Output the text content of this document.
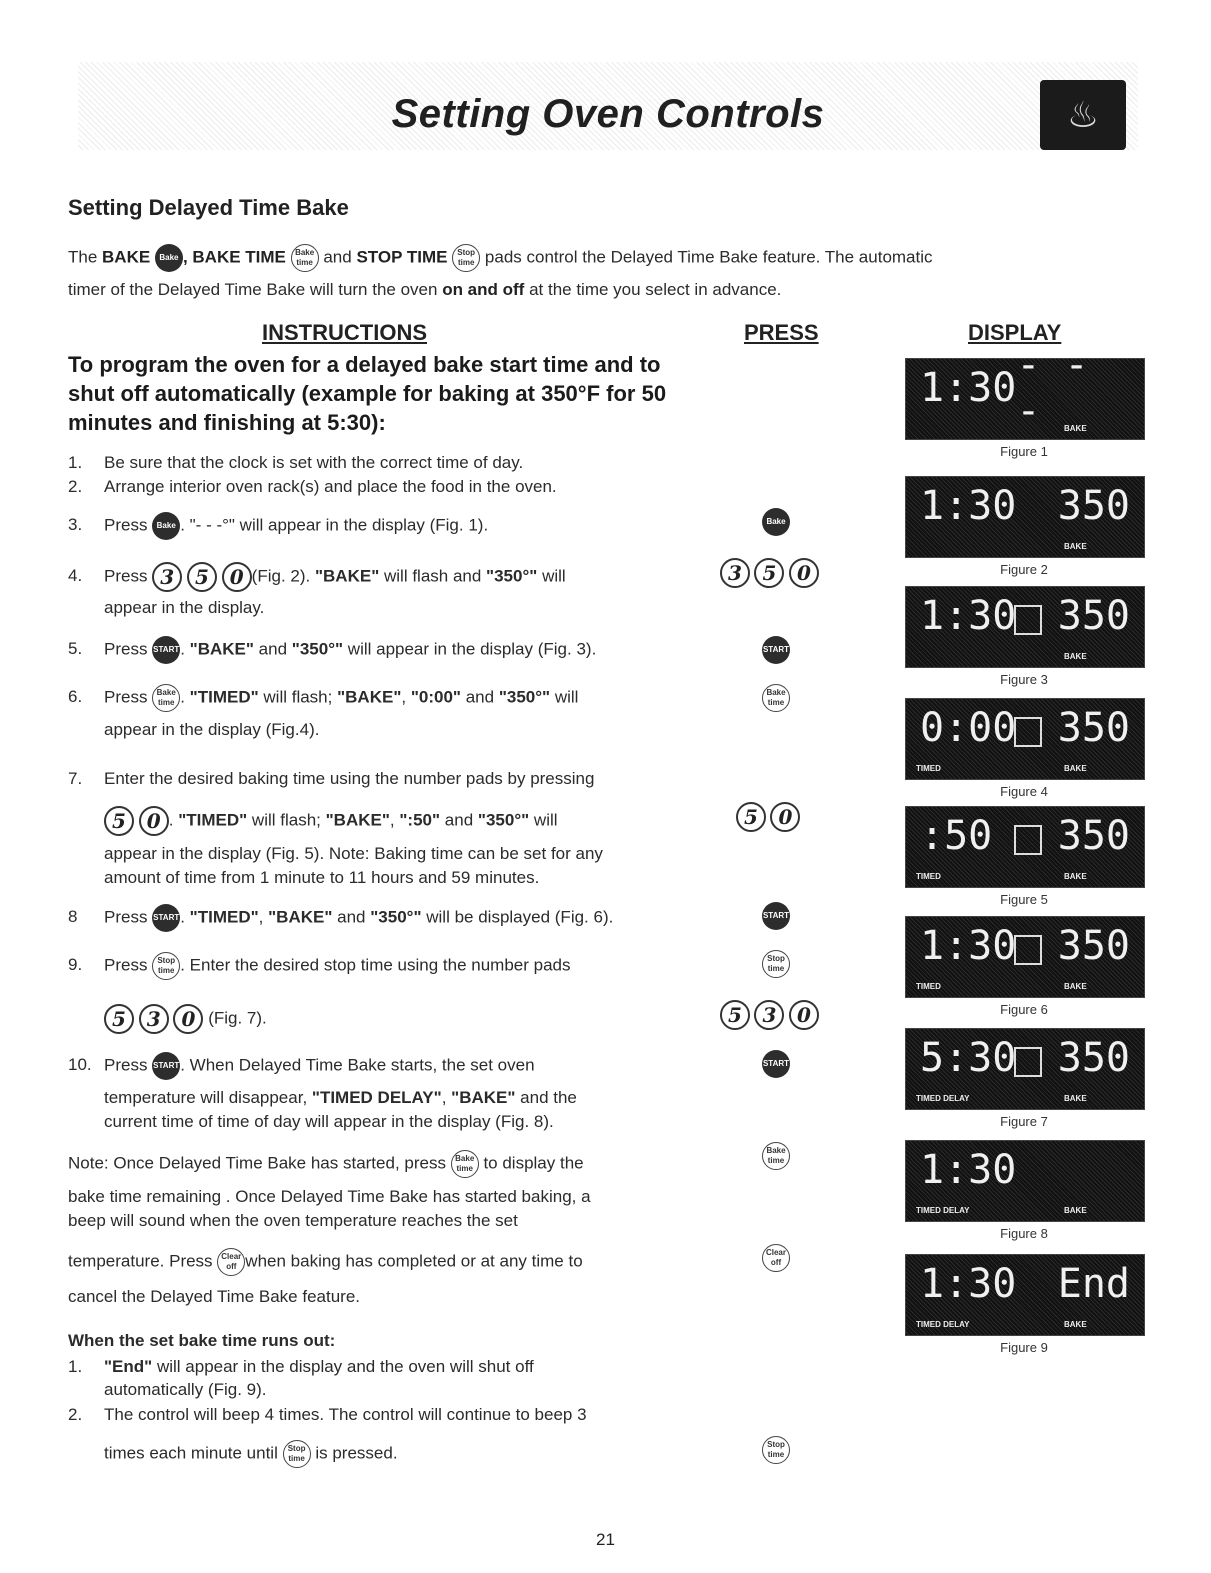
Setting Oven Controls	♨
Setting Delayed Time Bake
The BAKE Bake , BAKE TIME Bake
time and STOP TIME Stop
time pads control the Delayed Time Bake feature. The automatic
timer of the Delayed Time Bake will turn the oven on and off at the time you select in advance.
INSTRUCTIONS	PRESS	DISPLAY
To program the oven for a delayed bake start time and to shut off automatically (example for baking at 350°F for 50 minutes and finishing at 5:30):
1. Be sure that the clock is set with the correct time of day.
2. Arrange interior oven rack(s) and place the food in the oven.
3. Press Bake . "- - -°" will appear in the display (Fig. 1).
4. Press 3 5 0 (Fig. 2). "BAKE" will flash and "350°" will
appear in the display.
5. Press START. "BAKE" and "350°" will appear in the display (Fig. 3).
6. Press Bake
time . "TIMED" will flash; "BAKE", "0:00" and "350°" will
appear in the display (Fig.4).
7. Enter the desired baking time using the number pads by pressing
5 0 . "TIMED" will flash; "BAKE", ":50" and "350°" will
appear in the display (Fig. 5). Note: Baking time can be set for any
amount of time from 1 minute to 11 hours and 59 minutes.
8 Press START. "TIMED", "BAKE" and "350°" will be displayed (Fig. 6).
9. Press Stop
time . Enter the desired stop time using the number pads
5 3 0 (Fig. 7).
10. Press START. When Delayed Time Bake starts, the set oven
temperature will disappear, "TIMED DELAY", "BAKE" and the
current time of time of day will appear in the display (Fig. 8).
Note: Once Delayed Time Bake has started, press Bake
time to display the
bake time remaining . Once Delayed Time Bake has started baking, a
beep will sound when the oven temperature reaches the set
temperature. Press Clear
off when baking has completed or at any time to
cancel the Delayed Time Bake feature.
When the set bake time runs out:
1. "End" will appear in the display and the oven will shut off
automatically (Fig. 9).
2. The control will beep 4 times. The control will continue to beep 3
times each minute until Stop
time is pressed.
Bake
3 5 0
START
Bake
time
5 0
START
Stop
time
5 3 0
START
Bake
time
Clear
off
Stop
time
1:30 - - -	BAKE
Figure 1
1:30 350
BAKE
Figure 2
1:30 350
BAKE
Figure 3
0:00 350
TIMED	BAKE
Figure 4
:50 350
TIMED	BAKE
Figure 5
1:30 350
TIMED	BAKE
Figure 6
5:30 350
TIMED DELAY	BAKE
Figure 7
1:30
TIMED DELAY	BAKE
Figure 8
1:30 End
TIMED DELAY	BAKE
Figure 9
21
